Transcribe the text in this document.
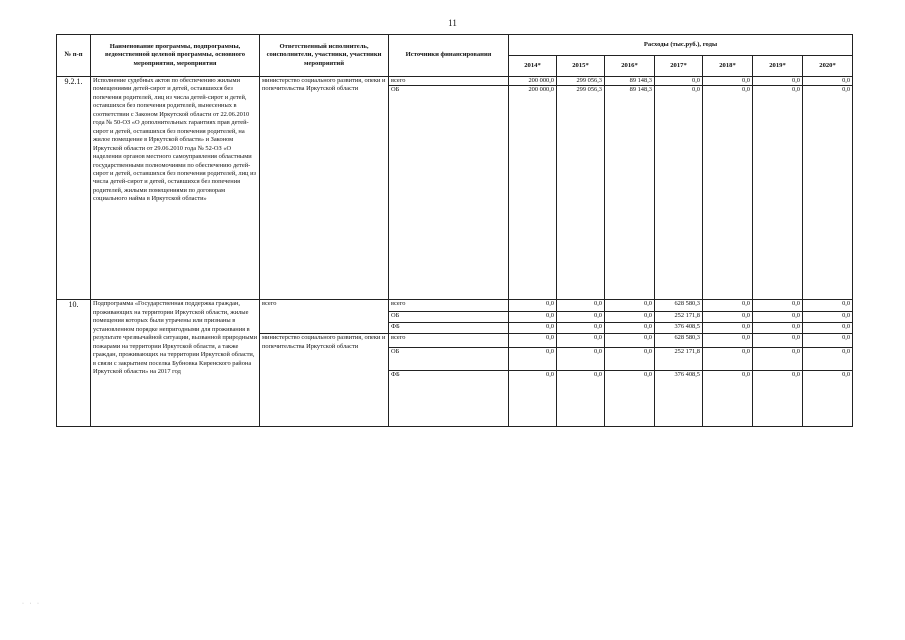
11
№ п-п	Наименование программы, подпрограммы, ведомственной целевой программы, основного мероприятия, мероприятия	Ответственный исполнитель, соисполнители, участники, участники мероприятий	Источники финансирования	Расходы (тыс.руб.), годы						
				2014*	2015*	2016*	2017*	2018*	2019*	2020*
9.2.1.	Исполнение судебных актов по обеспечению жилыми помещениями детей-сирот и детей, оставшихся без попечения родителей, лиц из числа детей-сирот и детей, оставшихся без попечения родителей, вынесенных в соответствии с Законом Иркутской области от 22.06.2010 года № 50-ОЗ «О дополнительных гарантиях прав детей-сирот и детей, оставшихся без попечения родителей, на жилое помещение в Иркутской области» и Законом Иркутской области от 29.06.2010 года № 52-ОЗ «О наделении органов местного самоуправления областными государственными полномочиями по обеспечению детей-сирот и детей, оставшихся без попечения родителей, лиц из числа детей-сирот и детей, оставшихся без попечения родителей, жилыми помещениями по договорам социального найма в Иркутской области»	министерство социального развития, опеки и попечительства Иркутской области	всего	200 000,0	299 056,3	89 148,3	0,0	0,0	0,0	0,0
			ОБ	200 000,0	299 056,3	89 148,3	0,0	0,0	0,0	0,0
10.	Подпрограмма «Государственная поддержка граждан, проживающих на территории Иркутской области, жилые помещения которых были утрачены или признаны в установленном порядке непригодными для проживания в результате чрезвычайной ситуации, вызванной природными пожарами на территории Иркутской области, а также граждан, проживающих на территории Иркутской области, в связи с закрытием поселка Бубновка Киренского района Иркутской области» на 2017 год	всего	всего	0,0	0,0	0,0	628 580,3	0,0	0,0	0,0
			ОБ	0,0	0,0	0,0	252 171,8	0,0	0,0	0,0
			ФБ	0,0	0,0	0,0	376 408,5	0,0	0,0	0,0
		министерство социального развития, опеки и попечительства Иркутской области	всего	0,0	0,0	0,0	628 580,3	0,0	0,0	0,0
			ОБ	0,0	0,0	0,0	252 171,8	0,0	0,0	0,0
			ФБ	0,0	0,0	0,0	376 408,5	0,0	0,0	0,0
· · ·
